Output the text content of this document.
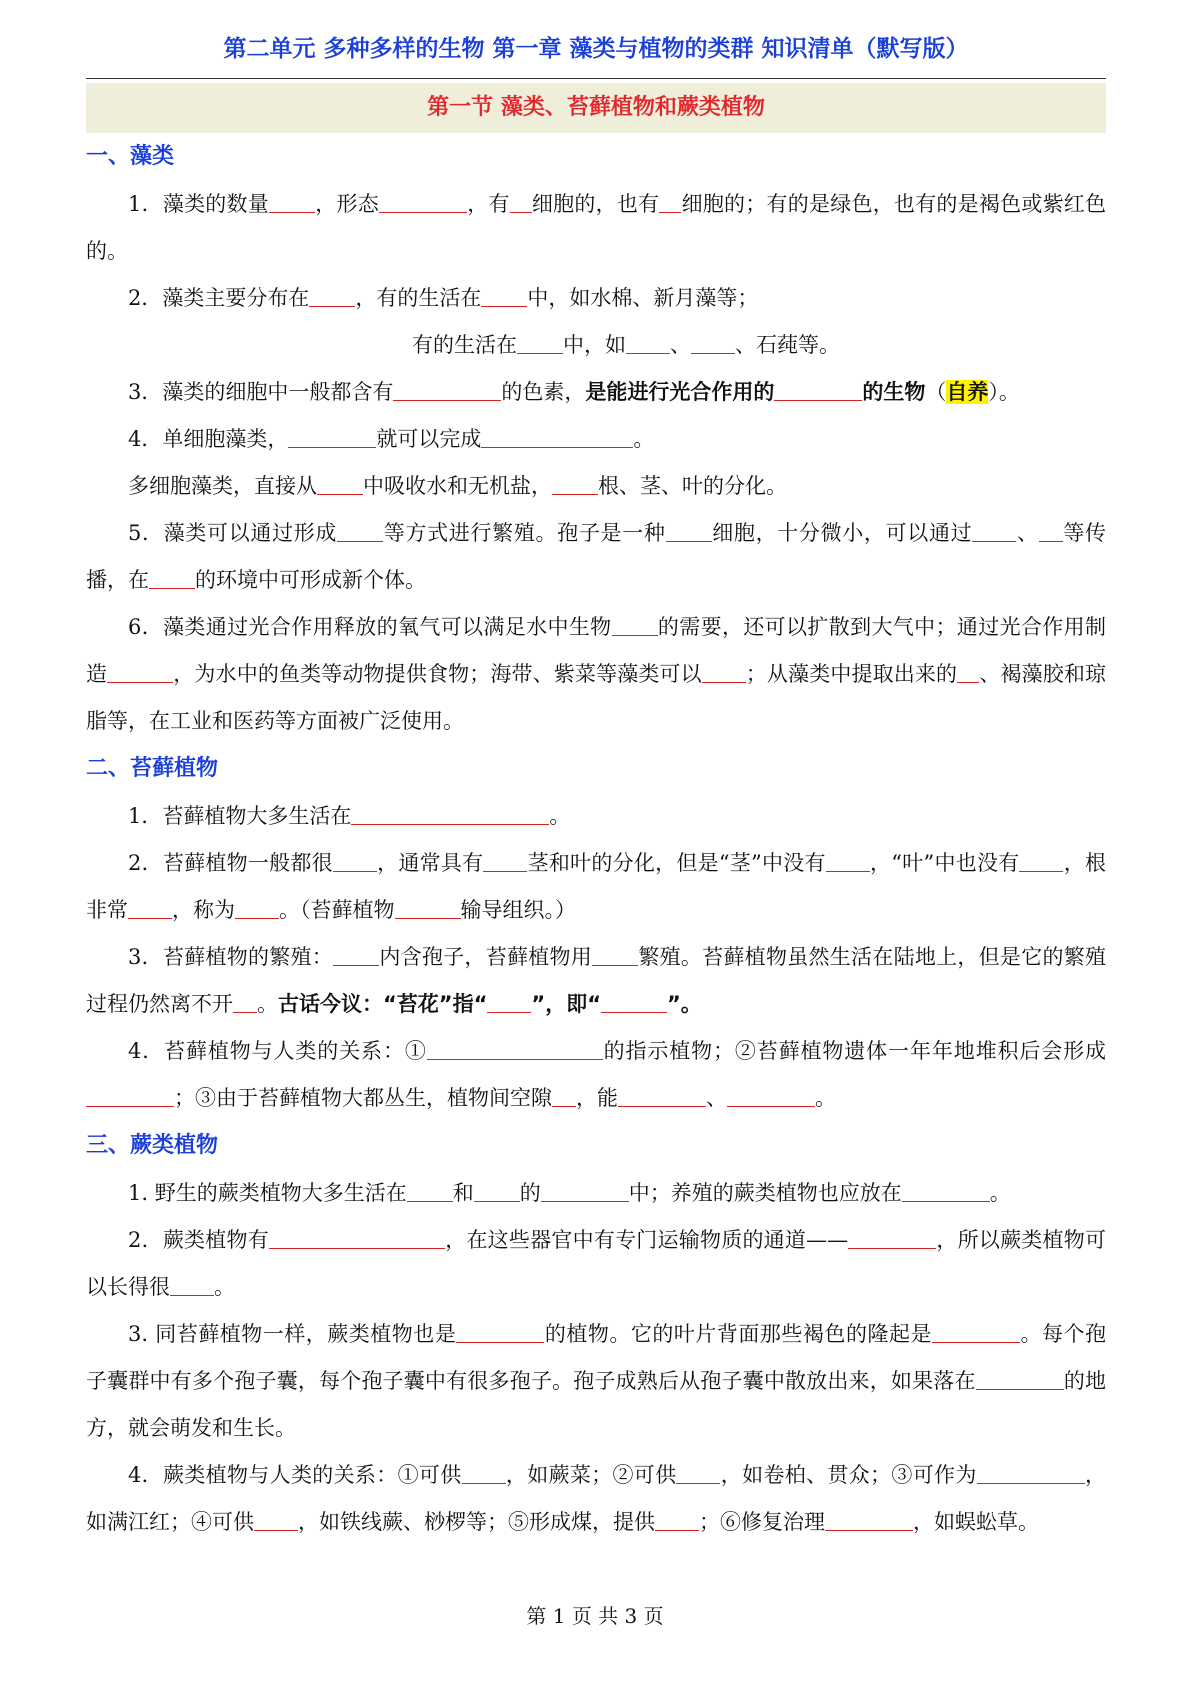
第二单元 多种多样的生物 第一章 藻类与植物的类群 知识清单（默写版）
第一节 藻类、苔藓植物和蕨类植物
一、藻类

1．藻类的数量 ，形态	，有 细胞的，也有 细胞的；有的是绿色，也有的是褐色或紫红色的。

2．藻类主要分布在 ，有的生活在 中，如水棉、新月藻等；
有的生活在 中，如 、 、石莼等。
3．藻类的细胞中一般都含有	的色素，是能进行光合作用的	的生物（自养）。
4．单细胞藻类，	就可以完成	。
多细胞藻类，直接从 中吸收水和无机盐， 根、茎、叶的分化。

5．藻类可以通过形成 等方式进行繁殖。孢子是一种 细胞，十分微小，可以通过 、 等传播，在 的环境中可形成新个体。

6．藻类通过光合作用释放的氧气可以满足水中生物 的需要，还可以扩散到大气中；通过光合作用制造	，为水中的鱼类等动物提供食物；海带、紫菜等藻类可以 ；从藻类中提取出来的 、褐藻胶和琼脂等，在工业和医药等方面被广泛使用。

二、苔藓植物
1．苔藓植物大多生活在	。

2．苔藓植物一般都很 ，通常具有 茎和叶的分化，但是“茎”中没有 ，“叶”中也没有 ，根非常 ，称为 。（苔藓植物	输导组织。）

3．苔藓植物的繁殖： 内含孢子，苔藓植物用 繁殖。苔藓植物虽然生活在陆地上，但是它的繁殖过程仍然离不开 。古话今议：“苔花”指“ ”，即“	”。

4．苔藓植物与人类的关系：①	的指示植物；②苔藓植物遗体一年年地堆积后会形成；③由于苔藓植物大都丛生，植物间空隙 ，能	、	。

三、蕨类植物
1. 野生的蕨类植物大多生活在 和 的	中；养殖的蕨类植物也应放在	。

2．蕨类植物有	，在这些器官中有专门运输物质的通道——	，所以蕨类植物可以长得很 。

3. 同苔藓植物一样，蕨类植物也是	的植物。它的叶片背面那些褐色的隆起是	。每个孢子囊群中有多个孢子囊，每个孢子囊中有很多孢子。孢子成熟后从孢子囊中散放出来，如果落在	的地方，就会萌发和生长。

4．蕨类植物与人类的关系：①可供 ，如蕨菜；②可供 ，如卷柏、贯众；③可作为	，如满江红；④可供 ，如铁线蕨、桫椤等；⑤形成煤，提供 ；⑥修复治理	，如蜈蚣草。

第 1 页 共 3 页
